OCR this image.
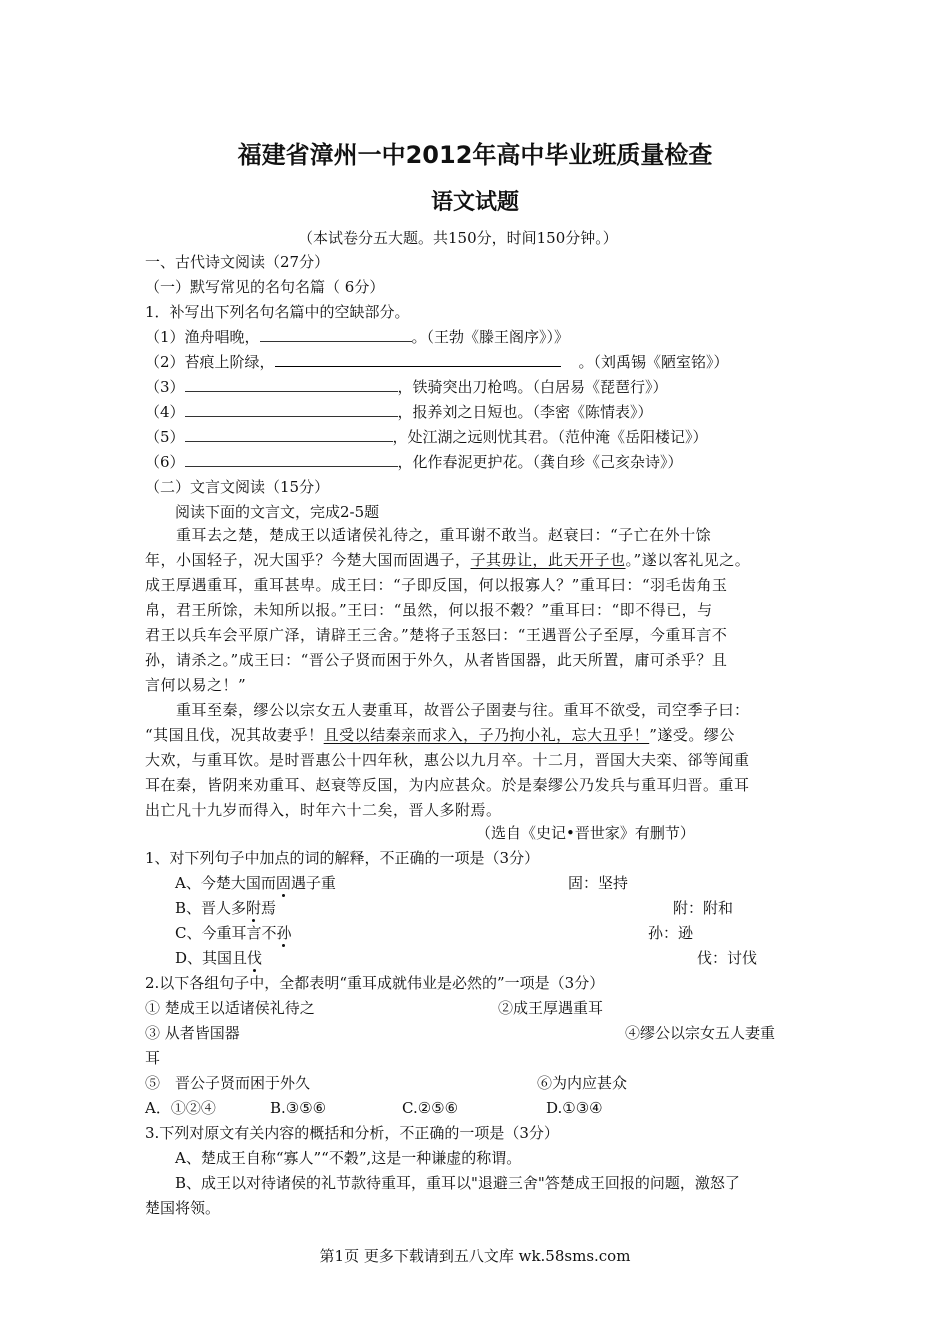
福建省漳州一中2012年高中毕业班质量检查
语文试题
（本试卷分五大题。共150分，时间150分钟。）
一、古代诗文阅读（27分）
（一）默写常见的名句名篇（ 6分）
1．补写出下列名句名篇中的空缺部分。
（1）渔舟唱晚，	。（王勃《滕王阁序》）》
（2）苔痕上阶绿，	。（刘禹锡《陋室铭》）
（3）	，铁骑突出刀枪鸣。（白居易《琵琶行》）
（4）	，报养刘之日短也。（李密《陈情表》）
（5）	，处江湖之远则忧其君。（范仲淹《岳阳楼记》）
（6）	，化作春泥更护花。（龚自珍《己亥杂诗》）
（二）文言文阅读（15分）
阅读下面的文言文，完成2-5题
　　重耳去之楚，楚成王以适诸侯礼待之，重耳谢不敢当。赵衰曰：“子亡在外十馀
年，小国轻子，况大国乎？今楚大国而固遇子，子其毋让，此天开子也。”遂以客礼见之。
成王厚遇重耳，重耳甚卑。成王曰：“子即反国，何以报寡人？”重耳曰：“羽毛齿角玉
帛，君王所馀，未知所以报。”王曰：“虽然，何以报不穀？”重耳曰：“即不得已，与
君王以兵车会平原广泽，请辟王三舍。”楚将子玉怒曰：“王遇晋公子至厚，今重耳言不
孙，请杀之。”成王曰：“晋公子贤而困于外久，从者皆国器，此天所置，庸可杀乎？且
言何以易之！”
　　重耳至秦，缪公以宗女五人妻重耳，故晋公子圉妻与往。重耳不欲受，司空季子曰：
“其国且伐，况其故妻乎！且受以结秦亲而求入，子乃拘小礼，忘大丑乎！”遂受。缪公
大欢，与重耳饮。是时晋惠公十四年秋，惠公以九月卒。十二月，晋国大夫栾、郤等闻重
耳在秦，皆阴来劝重耳、赵衰等反国，为内应甚众。於是秦缪公乃发兵与重耳归晋。重耳
出亡凡十九岁而得入，时年六十二矣，晋人多附焉。
（选自《史记•晋世家》有删节）
1、对下列句子中加点的词的解释，不正确的一项是（3分）
A、今楚大国而固遇子重	固：坚持
B、晋人多附焉	附：附和
C、今重耳言不孙	孙：逊
D、其国且伐	伐：讨伐
2.以下各组句子中，全都表明“重耳成就伟业是必然的”一项是（3分）
① 楚成王以适诸侯礼待之	②成王厚遇重耳
③ 从者皆国器	④缪公以宗女五人妻重
耳
⑤　晋公子贤而困于外久	⑥为内应甚众
A．①②④	B.③⑤⑥	C.②⑤⑥	D.①③④
3.下列对原文有关内容的概括和分析，不正确的一项是（3分）
A、楚成王自称“寡人”“不穀”,这是一种谦虚的称谓。
B、成王以对待诸侯的礼节款待重耳，重耳以"退避三舍"答楚成王回报的问题，激怒了
楚国将领。
第1页 更多下载请到五八文库 wk.58sms.com
